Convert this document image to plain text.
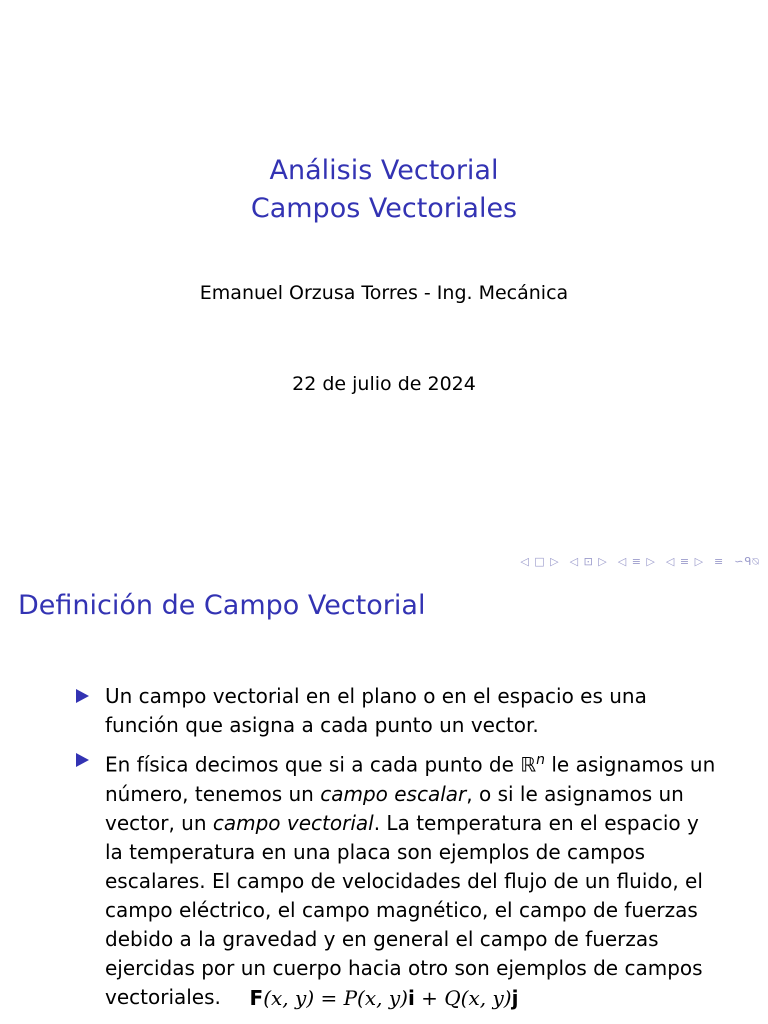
Análisis Vectorial
Campos Vectoriales
Emanuel Orzusa Torres - Ing. Mecánica
22 de julio de 2024
◁ □ ▷ ◁ ⊡ ▷ ◁ ≡ ▷ ◁ ≡ ▷ ≡ ∽ᑫ⍉
Definición de Campo Vectorial
Un campo vectorial en el plano o en el espacio es una función que asigna a cada punto un vector.
En física decimos que si a cada punto de ℝ$^n$ le asignamos un número, tenemos un campo escalar, o si le asignamos un vector, un campo vectorial. La temperatura en el espacio y la temperatura en una placa son ejemplos de campos escalares. El campo de velocidades del flujo de un fluido, el campo eléctrico, el campo magnético, el campo de fuerzas debido a la gravedad y en general el campo de fuerzas ejercidas por un cuerpo hacia otro son ejemplos de campos vectoriales.	F(x, y) = P(x, y)i + Q(x, y)j
